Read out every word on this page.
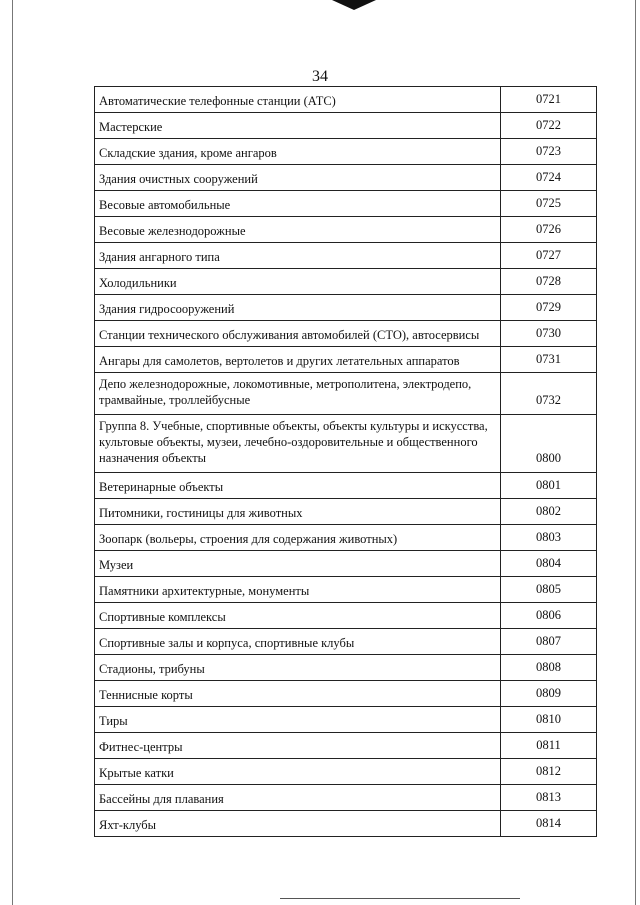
34
Автоматические телефонные станции (АТС)	0721
Мастерские	0722
Складские здания, кроме ангаров	0723
Здания очистных сооружений	0724
Весовые автомобильные	0725
Весовые железнодорожные	0726
Здания ангарного типа	0727
Холодильники	0728
Здания гидросооружений	0729
Станции технического обслуживания автомобилей (СТО), автосервисы	0730
Ангары для самолетов, вертолетов и других летательных аппаратов	0731
Депо железнодорожные, локомотивные, метрополитена, электродепо, трамвайные, троллейбусные	0732
Группа 8. Учебные, спортивные объекты, объекты культуры и искусства, культовые объекты, музеи, лечебно-оздоровительные и общественного назначения объекты	0800
Ветеринарные объекты	0801
Питомники, гостиницы для животных	0802
Зоопарк (вольеры, строения для содержания животных)	0803
Музеи	0804
Памятники архитектурные, монументы	0805
Спортивные комплексы	0806
Спортивные залы и корпуса, спортивные клубы	0807
Стадионы, трибуны	0808
Теннисные корты	0809
Тиры	0810
Фитнес-центры	0811
Крытые катки	0812
Бассейны для плавания	0813
Яхт-клубы	0814
